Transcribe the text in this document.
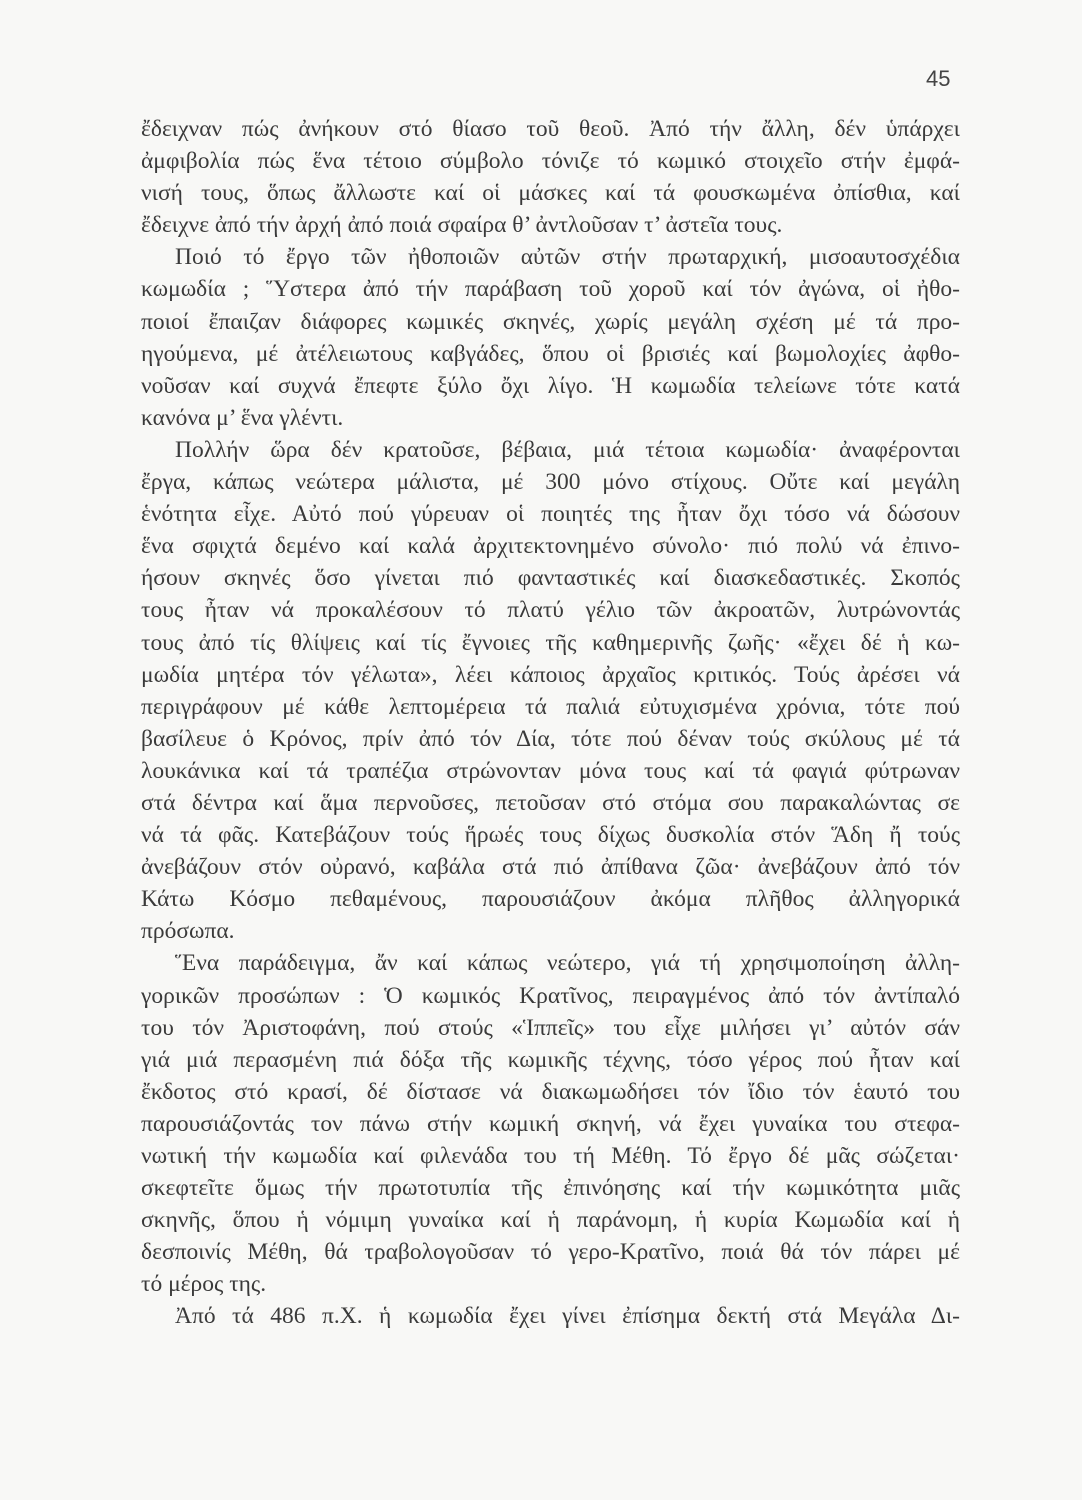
45
ἔδειχναν πώς ἀνήκουν στό θίασο τοῦ θεοῦ. Ἀπό τήν ἄλλη, δέν ὑπάρχει
ἀμφιβολία πώς ἕνα τέτοιο σύμβολο τόνιζε τό κωμικό στοιχεῖο στήν ἐμφά-
νισή τους, ὅπως ἄλλωστε καί οἱ μάσκες καί τά φουσκωμένα ὀπίσθια, καί
ἔδειχνε ἀπό τήν ἀρχή ἀπό ποιά σφαίρα θ’ ἀντλοῦσαν τ’ ἀστεῖα τους.
Ποιό τό ἔργο τῶν ἠθοποιῶν αὐτῶν στήν πρωταρχική, μισοαυτοσχέδια
κωμωδία ; Ὕστερα ἀπό τήν παράβαση τοῦ χοροῦ καί τόν ἀγώνα, οἱ ἠθο-
ποιοί ἔπαιζαν διάφορες κωμικές σκηνές, χωρίς μεγάλη σχέση μέ τά προ-
ηγούμενα, μέ ἀτέλειωτους καβγάδες, ὅπου οἱ βρισιές καί βωμολοχίες ἀφθο-
νοῦσαν καί συχνά ἔπεφτε ξύλο ὄχι λίγο. Ἡ κωμωδία τελείωνε τότε κατά
κανόνα μ’ ἕνα γλέντι.
Πολλήν ὥρα δέν κρατοῦσε, βέβαια, μιά τέτοια κωμωδία· ἀναφέρονται
ἔργα, κάπως νεώτερα μάλιστα, μέ 300 μόνο στίχους. Οὔτε καί μεγάλη
ἑνότητα εἶχε. Αὐτό πού γύρευαν οἱ ποιητές της ἦταν ὄχι τόσο νά δώσουν
ἕνα σφιχτά δεμένο καί καλά ἀρχιτεκτονημένο σύνολο· πιό πολύ νά ἐπινο-
ήσουν σκηνές ὅσο γίνεται πιό φανταστικές καί διασκεδαστικές. Σκοπός
τους ἦταν νά προκαλέσουν τό πλατύ γέλιο τῶν ἀκροατῶν, λυτρώνοντάς
τους ἀπό τίς θλίψεις καί τίς ἔγνοιες τῆς καθημερινῆς ζωῆς· «ἔχει δέ ἡ κω-
μωδία μητέρα τόν γέλωτα», λέει κάποιος ἀρχαῖος κριτικός. Τούς ἀρέσει νά
περιγράφουν μέ κάθε λεπτομέρεια τά παλιά εὐτυχισμένα χρόνια, τότε πού
βασίλευε ὁ Κρόνος, πρίν ἀπό τόν Δία, τότε πού δέναν τούς σκύλους μέ τά
λουκάνικα καί τά τραπέζια στρώνονταν μόνα τους καί τά φαγιά φύτρωναν
στά δέντρα καί ἅμα περνοῦσες, πετοῦσαν στό στόμα σου παρακαλώντας σε
νά τά φᾶς. Κατεβάζουν τούς ἥρωές τους δίχως δυσκολία στόν Ἅδη ἤ τούς
ἀνεβάζουν στόν οὐρανό, καβάλα στά πιό ἀπίθανα ζῶα· ἀνεβάζουν ἀπό τόν
Κάτω Κόσμο πεθαμένους, παρουσιάζουν ἀκόμα πλῆθος ἀλληγορικά
πρόσωπα.
Ἕνα παράδειγμα, ἄν καί κάπως νεώτερο, γιά τή χρησιμοποίηση ἀλλη-
γορικῶν προσώπων : Ὁ κωμικός Κρατῖνος, πειραγμένος ἀπό τόν ἀντίπαλό
του τόν Ἀριστοφάνη, πού στούς «Ἱππεῖς» του εἶχε μιλήσει γι’ αὐτόν σάν
γιά μιά περασμένη πιά δόξα τῆς κωμικῆς τέχνης, τόσο γέρος πού ἦταν καί
ἔκδοτος στό κρασί, δέ δίστασε νά διακωμωδήσει τόν ἴδιο τόν ἑαυτό του
παρουσιάζοντάς τον πάνω στήν κωμική σκηνή, νά ἔχει γυναίκα του στεφα-
νωτική τήν κωμωδία καί φιλενάδα του τή Μέθη. Τό ἔργο δέ μᾶς σώζεται·
σκεφτεῖτε ὅμως τήν πρωτοτυπία τῆς ἐπινόησης καί τήν κωμικότητα μιᾶς
σκηνῆς, ὅπου ἡ νόμιμη γυναίκα καί ἡ παράνομη, ἡ κυρία Κωμωδία καί ἡ
δεσποινίς Μέθη, θά τραβολογοῦσαν τό γερο-Κρατῖνο, ποιά θά τόν πάρει μέ
τό μέρος της.
Ἀπό τά 486 π.Χ. ἡ κωμωδία ἔχει γίνει ἐπίσημα δεκτή στά Μεγάλα Δι-
